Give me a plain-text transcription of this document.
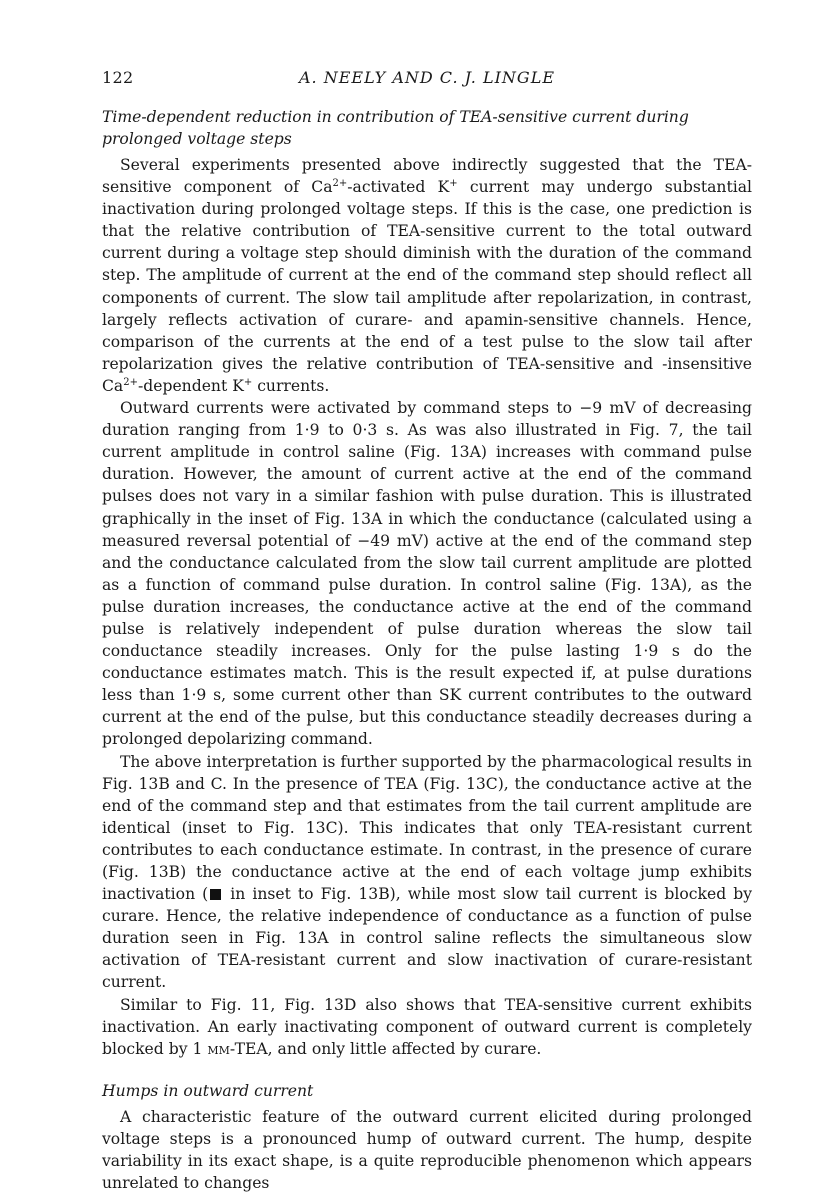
122	A. NEELY AND C. J. LINGLE

Time-dependent reduction in contribution of TEA-sensitive current during prolonged voltage steps

Several experiments presented above indirectly suggested that the TEA-sensitive component of $Ca^{2+}$-activated K+ current may undergo substantial inactivation during prolonged voltage steps. If this is the case, one prediction is that the relative contribution of TEA-sensitive current to the total outward current during a voltage step should diminish with the duration of the command step. The amplitude of current at the end of the command step should reflect all components of current. The slow tail amplitude after repolarization, in contrast, largely reflects activation of curare- and apamin-sensitive channels. Hence, comparison of the currents at the end of a test pulse to the slow tail after repolarization gives the relative contribution of TEA-sensitive and -insensitive $Ca^{2+}$-dependent K+ currents.

Outward currents were activated by command steps to −9 mV of decreasing duration ranging from 1·9 to 0·3 s. As was also illustrated in Fig. 7, the tail current amplitude in control saline (Fig. 13A) increases with command pulse duration. However, the amount of current active at the end of the command pulses does not vary in a similar fashion with pulse duration. This is illustrated graphically in the inset of Fig. 13A in which the conductance (calculated using a measured reversal potential of −49 mV) active at the end of the command step and the conductance calculated from the slow tail current amplitude are plotted as a function of command pulse duration. In control saline (Fig. 13A), as the pulse duration increases, the conductance active at the end of the command pulse is relatively independent of pulse duration whereas the slow tail conductance steadily increases. Only for the pulse lasting 1·9 s do the conductance estimates match. This is the result expected if, at pulse durations less than 1·9 s, some current other than SK current contributes to the outward current at the end of the pulse, but this conductance steadily decreases during a prolonged depolarizing command.

The above interpretation is further supported by the pharmacological results in Fig. 13B and C. In the presence of TEA (Fig. 13C), the conductance active at the end of the command step and that estimates from the tail current amplitude are identical (inset to Fig. 13C). This indicates that only TEA-resistant current contributes to each conductance estimate. In contrast, in the presence of curare (Fig. 13B) the conductance active at the end of each voltage jump exhibits inactivation ( in inset to Fig. 13B), while most slow tail current is blocked by curare. Hence, the relative independence of conductance as a function of pulse duration seen in Fig. 13A in control saline reflects the simultaneous slow activation of TEA-resistant current and slow inactivation of curare-resistant current.

Similar to Fig. 11, Fig. 13D also shows that TEA-sensitive current exhibits inactivation. An early inactivating component of outward current is completely blocked by 1 mm-TEA, and only little affected by curare.

Humps in outward current

A characteristic feature of the outward current elicited during prolonged voltage steps is a pronounced hump of outward current. The hump, despite variability in its exact shape, is a quite reproducible phenomenon which appears unrelated to changes
